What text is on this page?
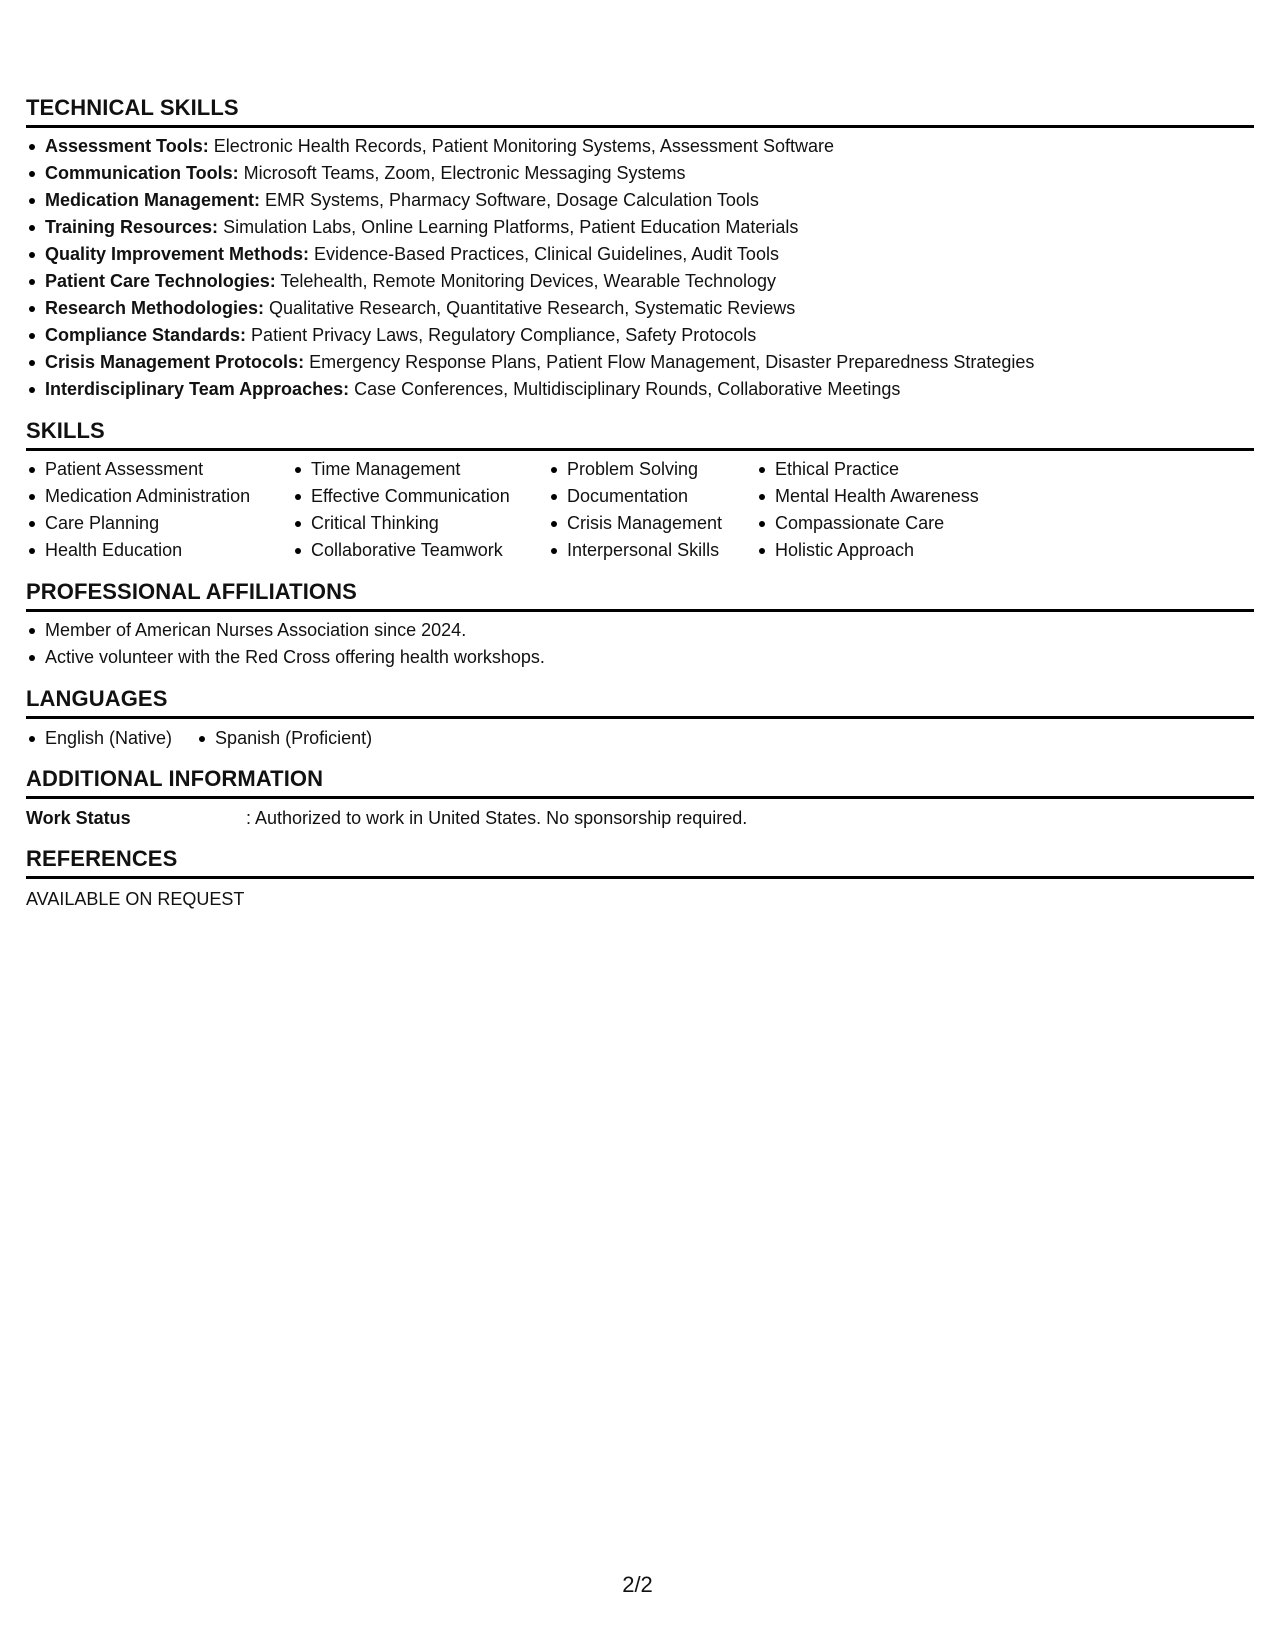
TECHNICAL SKILLS
Assessment Tools: Electronic Health Records, Patient Monitoring Systems, Assessment Software
Communication Tools: Microsoft Teams, Zoom, Electronic Messaging Systems
Medication Management: EMR Systems, Pharmacy Software, Dosage Calculation Tools
Training Resources: Simulation Labs, Online Learning Platforms, Patient Education Materials
Quality Improvement Methods: Evidence-Based Practices, Clinical Guidelines, Audit Tools
Patient Care Technologies: Telehealth, Remote Monitoring Devices, Wearable Technology
Research Methodologies: Qualitative Research, Quantitative Research, Systematic Reviews
Compliance Standards: Patient Privacy Laws, Regulatory Compliance, Safety Protocols
Crisis Management Protocols: Emergency Response Plans, Patient Flow Management, Disaster Preparedness Strategies
Interdisciplinary Team Approaches: Case Conferences, Multidisciplinary Rounds, Collaborative Meetings
SKILLS
Patient Assessment
Medication Administration
Care Planning
Health Education
Time Management
Effective Communication
Critical Thinking
Collaborative Teamwork
Problem Solving
Documentation
Crisis Management
Interpersonal Skills
Ethical Practice
Mental Health Awareness
Compassionate Care
Holistic Approach
PROFESSIONAL AFFILIATIONS
Member of American Nurses Association since 2024.
Active volunteer with the Red Cross offering health workshops.
LANGUAGES
English (Native)	Spanish (Proficient)
ADDITIONAL INFORMATION
Work Status	: Authorized to work in United States. No sponsorship required.
REFERENCES
AVAILABLE ON REQUEST
2/2
